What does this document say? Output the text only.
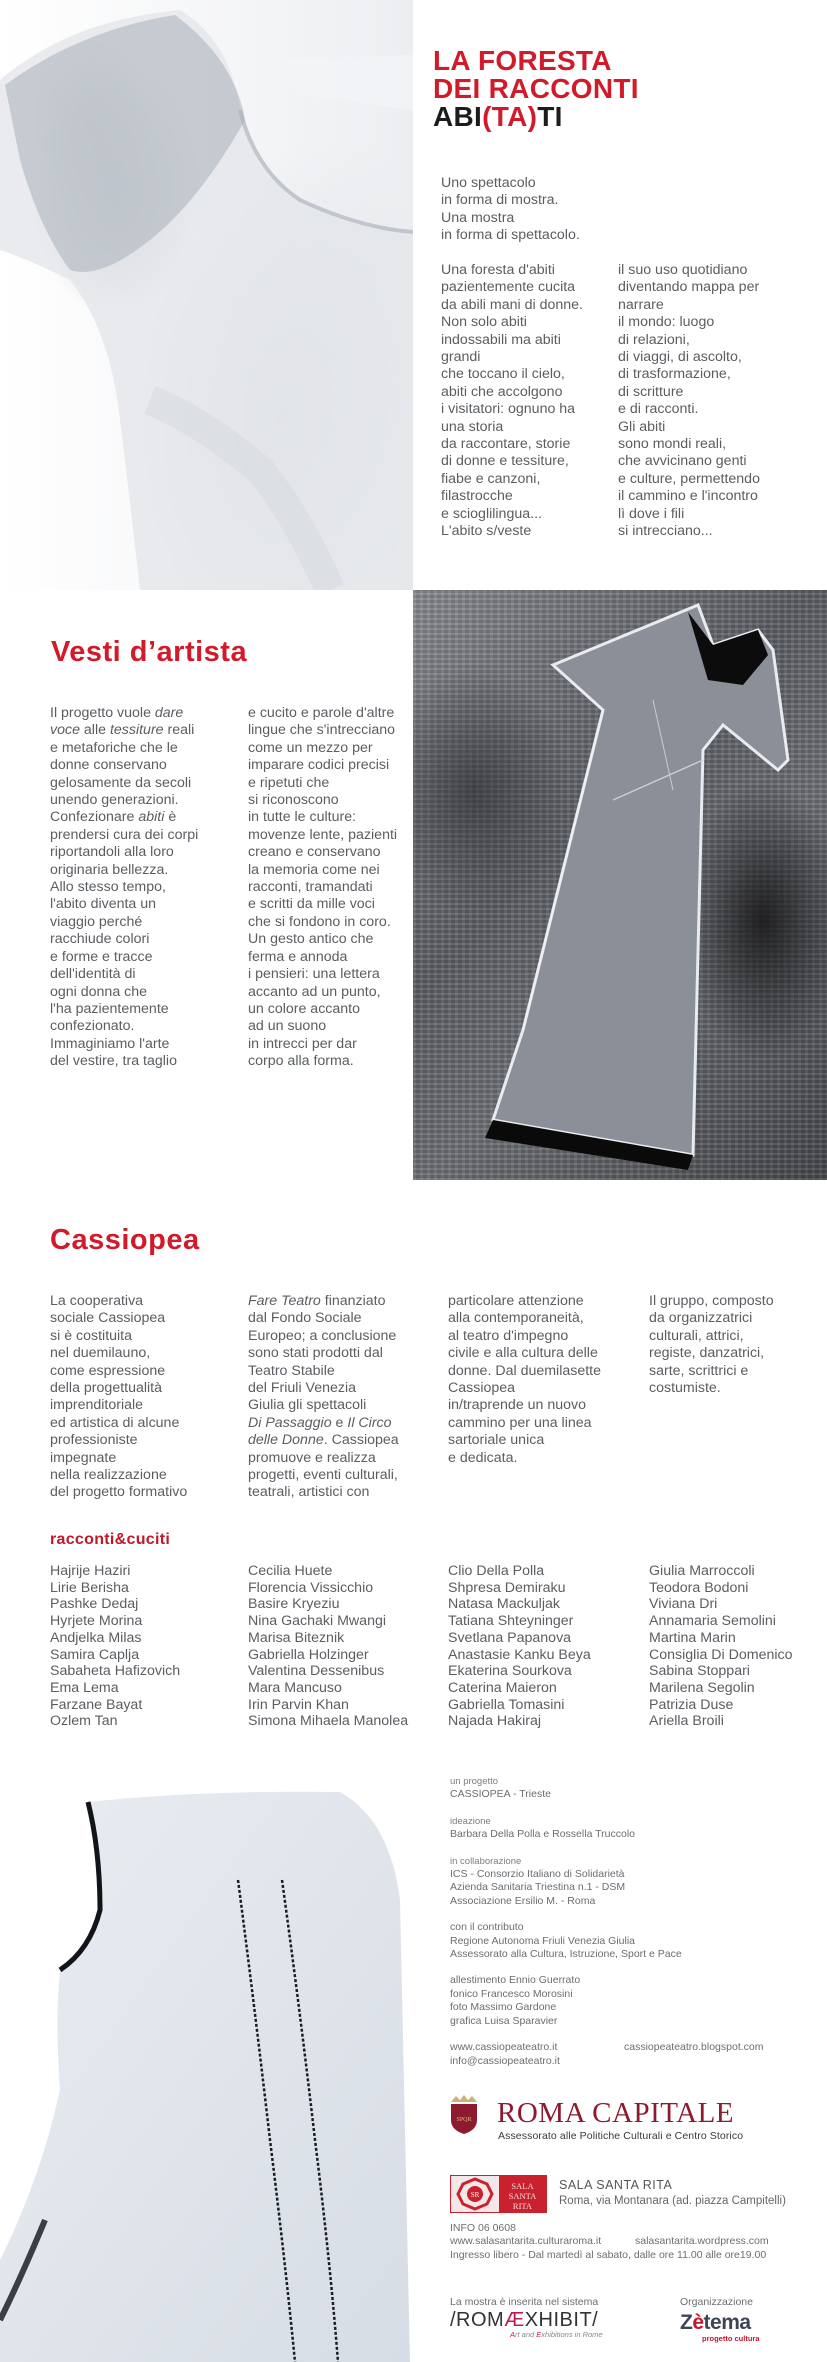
LA FORESTA
DEI RACCONTI
ABI(TA)TI
Uno spettacolo
in forma di mostra.
Una mostra
in forma di spettacolo.
Una foresta d'abiti
pazientemente cucita
da abili mani di donne.
Non solo abiti
indossabili ma abiti
grandi
che toccano il cielo,
abiti che accolgono
i visitatori: ognuno ha
una storia
da raccontare, storie
di donne e tessiture,
fiabe e canzoni,
filastrocche
e scioglilingua...
L'abito s/veste
il suo uso quotidiano
diventando mappa per
narrare
il mondo: luogo
di relazioni,
di viaggi, di ascolto,
di trasformazione,
di scritture
e di racconti.
Gli abiti
sono mondi reali,
che avvicinano genti
e culture, permettendo
il cammino e l'incontro
lì dove i fili
si intrecciano...
Vesti d’artista
Il progetto vuole dare
voce alle tessiture reali
e metaforiche che le
donne conservano
gelosamente da secoli
unendo generazioni.
Confezionare abiti è
prendersi cura dei corpi
riportandoli alla loro
originaria bellezza.
Allo stesso tempo,
l'abito diventa un
viaggio perché
racchiude colori
e forme e tracce
dell'identità di
ogni donna che
l'ha pazientemente
confezionato.
Immaginiamo l'arte
del vestire, tra taglio
e cucito e parole d'altre
lingue che s'intrecciano
come un mezzo per
imparare codici precisi
e ripetuti che
si riconoscono
in tutte le culture:
movenze lente, pazienti
creano e conservano
la memoria come nei
racconti, tramandati
e scritti da mille voci
che si fondono in coro.
Un gesto antico che
ferma e annoda
i pensieri: una lettera
accanto ad un punto,
un colore accanto
ad un suono
in intrecci per dar
corpo alla forma.
Cassiopea
La cooperativa
sociale Cassiopea
si è costituita
nel duemilauno,
come espressione
della progettualità
imprenditoriale
ed artistica di alcune
professioniste
impegnate
nella realizzazione
del progetto formativo
Fare Teatro finanziato
dal Fondo Sociale
Europeo; a conclusione
sono stati prodotti dal
Teatro Stabile
del Friuli Venezia
Giulia gli spettacoli
Di Passaggio e Il Circo
delle Donne. Cassiopea
promuove e realizza
progetti, eventi culturali,
teatrali, artistici con
particolare attenzione
alla contemporaneità,
al teatro d'impegno
civile e alla cultura delle
donne. Dal duemilasette
Cassiopea
in/traprende un nuovo
cammino per una linea
sartoriale unica
e dedicata.
Il gruppo, composto
da organizzatrici
culturali, attrici,
registe, danzatrici,
sarte, scrittrici e
costumiste.
racconti&cuciti
Hajrije Haziri
Lirie Berisha
Pashke Dedaj
Hyrjete Morina
Andjelka Milas
Samira Caplja
Sabaheta Hafizovich
Ema Lema
Farzane Bayat
Ozlem Tan
Cecilia Huete
Florencia Vissicchio
Basire Kryeziu
Nina Gachaki Mwangi
Marisa Biteznik
Gabriella Holzinger
Valentina Dessenibus
Mara Mancuso
Irin Parvin Khan
Simona Mihaela Manolea
Clio Della Polla
Shpresa Demiraku
Natasa Mackuljak
Tatiana Shteyninger
Svetlana Papanova
Anastasie Kanku Beya
Ekaterina Sourkova
Caterina Maieron
Gabriella Tomasini
Najada Hakiraj
Giulia Marroccoli
Teodora Bodoni
Viviana Dri
Annamaria Semolini
Martina Marin
Consiglia Di Domenico
Sabina Stoppari
Marilena Segolin
Patrizia Duse
Ariella Broili
un progetto
CASSIOPEA - Trieste
ideazione
Barbara Della Polla e Rossella Truccolo
in collaborazione
ICS - Consorzio Italiano di Solidarietà
Azienda Sanitaria Triestina n.1 - DSM
Associazione Ersilio M. - Roma
con il contributo
Regione Autonoma Friuli Venezia Giulia
Assessorato alla Cultura, Istruzione, Sport e Pace
allestimento Ennio Guerrato
fonico Francesco Morosini
foto Massimo Gardone
grafica Luisa Sparavier
www.cassiopeateatro.it	cassiopeateatro.blogspot.com
info@cassiopeateatro.it
SPQR ROMA CAPITALE
Assessorato alle Politiche Culturali e Centro Storico
SR
SALA
SANTA
RITA
SALA SANTA RITA
Roma, via Montanara (ad. piazza Campitelli)
INFO 06 0608
www.salasantarita.culturaroma.it	salasantarita.wordpress.com
Ingresso libero - Dal martedì al sabato, dalle ore 11.00 alle ore19.00
La mostra è inserita nel sistema
/ROMÆXHIBIT/
Art and Exhibitions in Rome
Organizzazione
Zètema
progetto cultura
